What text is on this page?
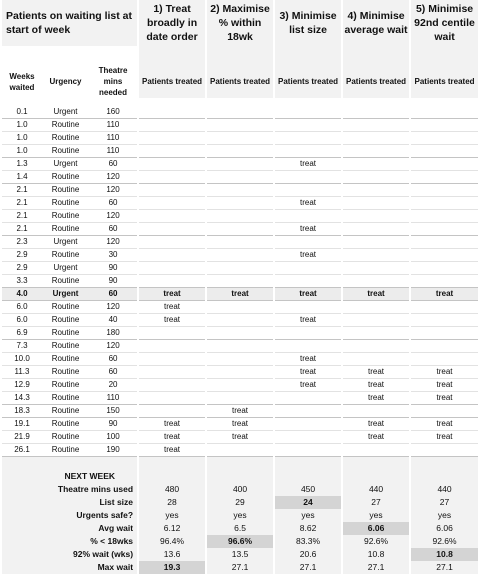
Patients on waiting list at start of week			1) Treat broadly in date order	2) Maximise % within 18wk	3) Minimise list size	4) Minimise average wait	5) Minimise 92nd centile wait

Weeks waited	Urgency	Theatre mins needed	Patients treated	Patients treated	Patients treated	Patients treated	Patients treated

0.1	Urgent	160					
1.0	Routine	110					
1.0	Routine	110					
1.0	Routine	110					
1.3	Urgent	60			treat		
1.4	Routine	120					
2.1	Routine	120					
2.1	Routine	60			treat		
2.1	Routine	120					
2.1	Routine	60			treat		
2.3	Urgent	120					
2.9	Routine	30			treat		
2.9	Urgent	90					
3.3	Routine	90					
4.0	Urgent	60	treat	treat	treat	treat	treat
6.0	Routine	120	treat				
6.0	Routine	40	treat		treat		
6.9	Routine	180					
7.3	Routine	120					
10.0	Routine	60			treat		
11.3	Routine	60			treat	treat	treat
12.9	Routine	20			treat	treat	treat
14.3	Routine	110				treat	treat
18.3	Routine	150		treat			
19.1	Routine	90	treat	treat		treat	treat
21.9	Routine	100	treat	treat		treat	treat
26.1	Routine	190	treat				

NEXT WEEK							
Theatre mins used			480	400	450	440	440
List size			28	29	24	27	27
Urgents safe?			yes	yes	yes	yes	yes
Avg wait			6.12	6.5	8.62	6.06	6.06
% < 18wks			96.4%	96.6%	83.3%	92.6%	92.6%
92% wait (wks)			13.6	13.5	20.6	10.8	10.8
Max wait			19.3	27.1	27.1	27.1	27.1
